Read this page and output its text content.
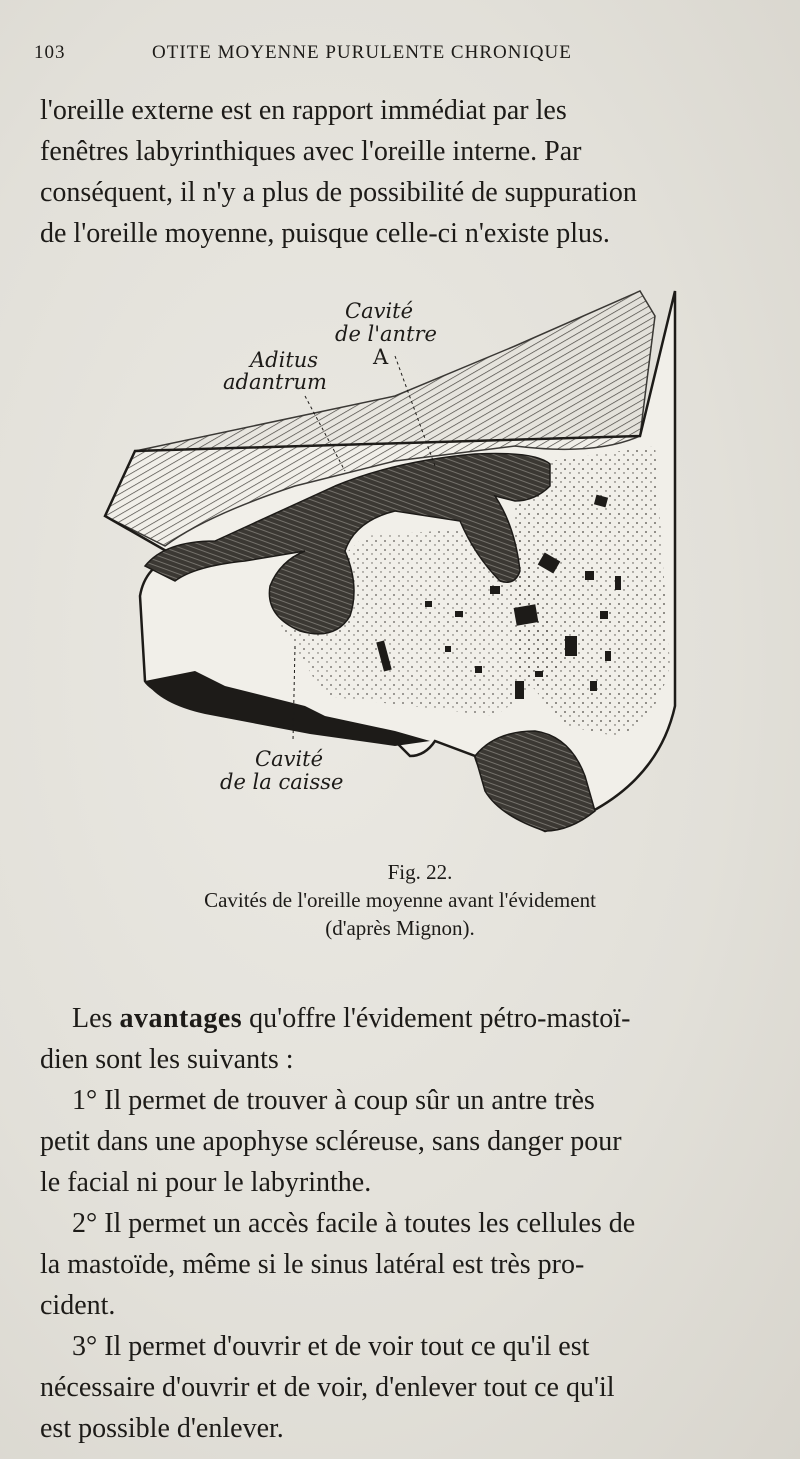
103	OTITE MOYENNE PURULENTE CHRONIQUE

l'oreille externe est en rapport immédiat par les
fenêtres labyrinthiques avec l'oreille interne. Par
conséquent, il n'y a plus de possibilité de suppuration
de l'oreille moyenne, puisque celle-ci n'existe plus.

Cavité
de l'antre
A
Aditus
adantrum
Cavité
de la caisse
Fig. 22.
Cavités de l'oreille moyenne avant l'évidement
(d'après Mignon).
Les avantages qu'offre l'évidement pétro-mastoï-
dien sont les suivants :
1° Il permet de trouver à coup sûr un antre très
petit dans une apophyse scléreuse, sans danger pour
le facial ni pour le labyrinthe.
2° Il permet un accès facile à toutes les cellules de
la mastoïde, même si le sinus latéral est très pro-
cident.
3° Il permet d'ouvrir et de voir tout ce qu'il est
nécessaire d'ouvrir et de voir, d'enlever tout ce qu'il
est possible d'enlever.
